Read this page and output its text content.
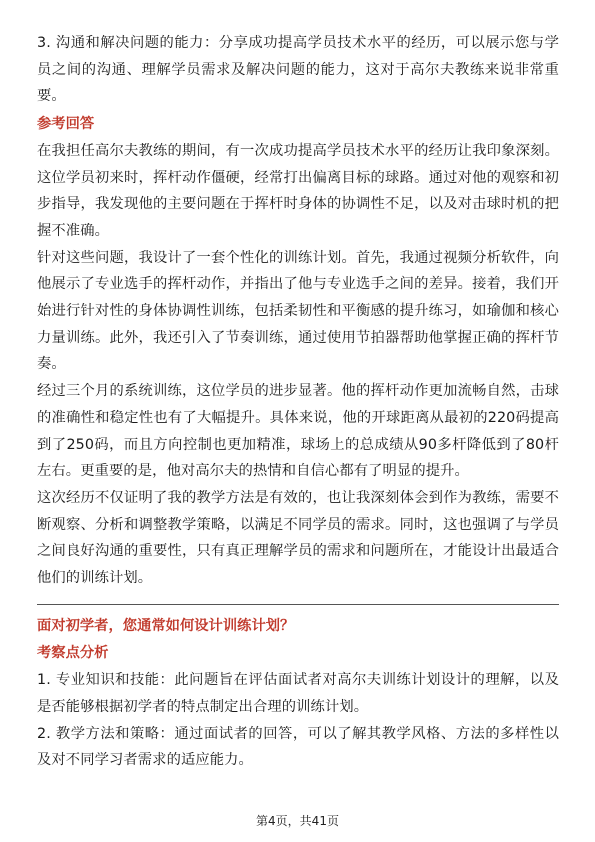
3. 沟通和解决问题的能力：分享成功提高学员技术水平的经历，可以展示您与学员之间的沟通、理解学员需求及解决问题的能力，这对于高尔夫教练来说非常重要。

参考回答

在我担任高尔夫教练的期间，有一次成功提高学员技术水平的经历让我印象深刻。这位学员初来时，挥杆动作僵硬，经常打出偏离目标的球路。通过对他的观察和初步指导，我发现他的主要问题在于挥杆时身体的协调性不足，以及对击球时机的把握不准确。

针对这些问题，我设计了一套个性化的训练计划。首先，我通过视频分析软件，向他展示了专业选手的挥杆动作，并指出了他与专业选手之间的差异。接着，我们开始进行针对性的身体协调性训练，包括柔韧性和平衡感的提升练习，如瑜伽和核心力量训练。此外，我还引入了节奏训练，通过使用节拍器帮助他掌握正确的挥杆节奏。

经过三个月的系统训练，这位学员的进步显著。他的挥杆动作更加流畅自然，击球的准确性和稳定性也有了大幅提升。具体来说，他的开球距离从最初的220码提高到了250码，而且方向控制也更加精准，球场上的总成绩从90多杆降低到了80杆左右。更重要的是，他对高尔夫的热情和自信心都有了明显的提升。

这次经历不仅证明了我的教学方法是有效的，也让我深刻体会到作为教练，需要不断观察、分析和调整教学策略，以满足不同学员的需求。同时，这也强调了与学员之间良好沟通的重要性，只有真正理解学员的需求和问题所在，才能设计出最适合他们的训练计划。

面对初学者，您通常如何设计训练计划？
考察点分析

1. 专业知识和技能：此问题旨在评估面试者对高尔夫训练计划设计的理解，以及是否能够根据初学者的特点制定出合理的训练计划。

2. 教学方法和策略：通过面试者的回答，可以了解其教学风格、方法的多样性以及对不同学习者需求的适应能力。

第4页，共41页
